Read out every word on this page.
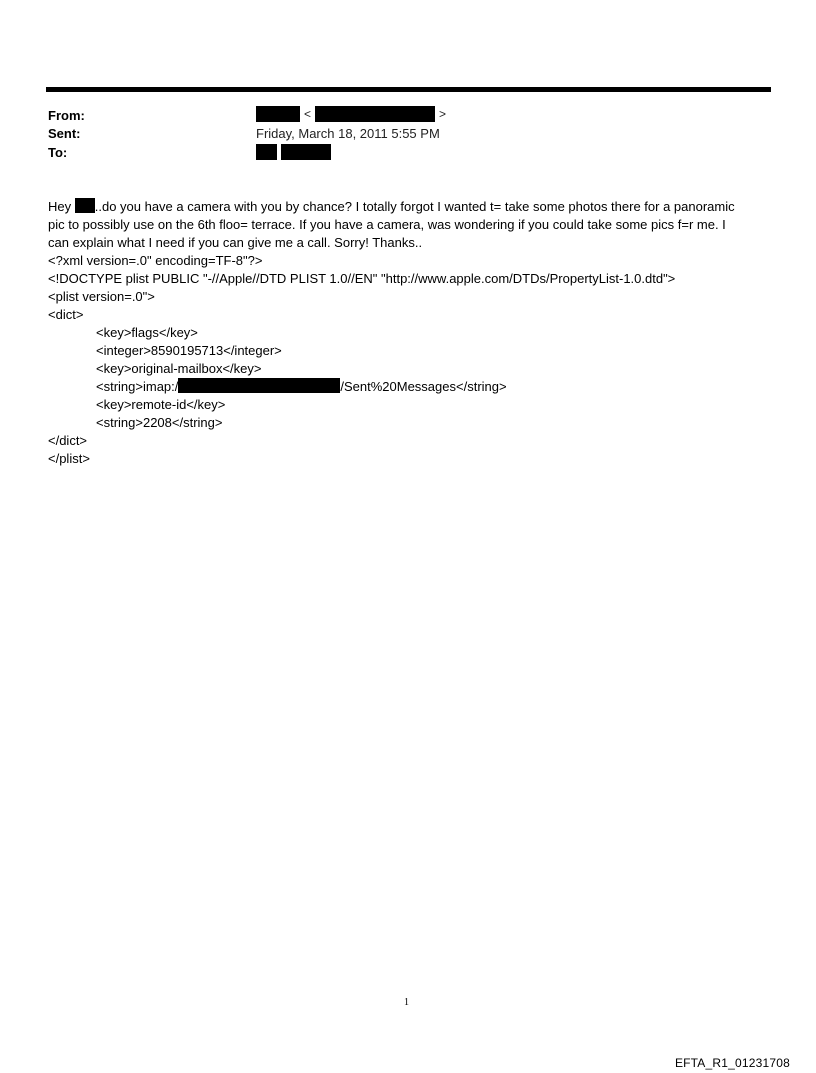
From:
Sent:
To:
<	>
Friday, March 18, 2011 5:55 PM
Hey ..do you have a camera with you by chance? I totally forgot I wanted t= take some photos there for a panoramic
pic to possibly use on the 6th floo= terrace. If you have a camera, was wondering if you could take some pics f=r me. I
can explain what I need if you can give me a call. Sorry! Thanks..
<?xml version=.0" encoding=TF-8"?>
<!DOCTYPE plist PUBLIC "-//Apple//DTD PLIST 1.0//EN" "http://www.apple.com/DTDs/PropertyList-1.0.dtd">
<plist version=.0">
<dict>
<key>flags</key>
<integer>8590195713</integer>
<key>original-mailbox</key>
<string>imap:/	/Sent%20Messages</string>
<key>remote-id</key>
<string>2208</string>
</dict>
</plist>
1
EFTA_R1_01231708
